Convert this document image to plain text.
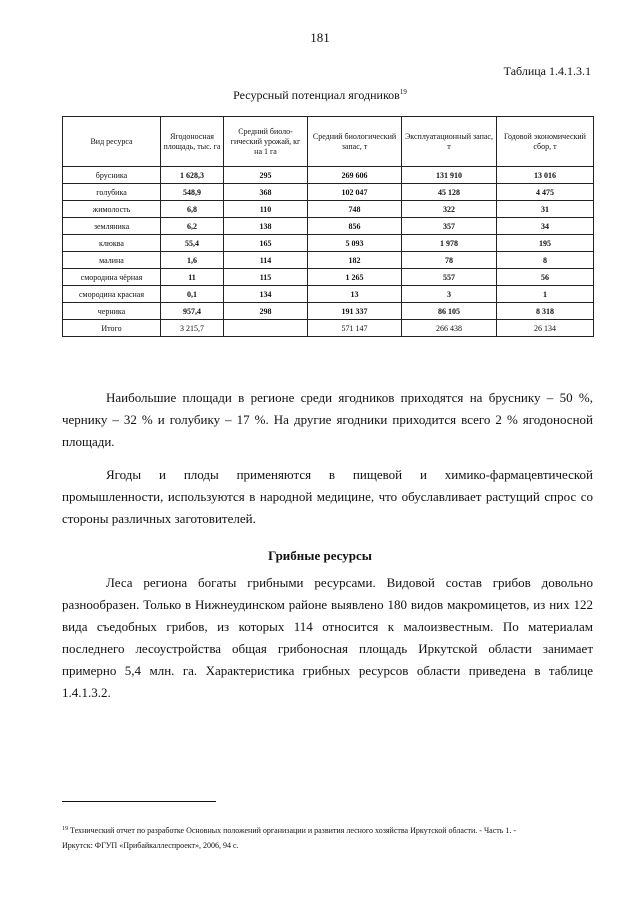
181
Таблица 1.4.1.3.1
Ресурсный потенциал ягодников$^{19}$
Вид ресурса	Ягодоносная площадь, тыс. га	Средний биоло-гический урожай, кг на 1 га	Средний биологический запас, т	Эксплуатационный запас, т	Годовой экономический сбор, т
брусника	1 628,3	295	269 606	131 910	13 016
голубика	548,9	368	102 047	45 128	4 475
жимолость	6,8	110	748	322	31
земляника	6,2	138	856	357	34
клюква	55,4	165	5 093	1 978	195
малина	1,6	114	182	78	8
смородина чёрная	11	115	1 265	557	56
смородина красная	0,1	134	13	3	1
черника	957,4	298	191 337	86 105	8 318
Итого	3 215,7		571 147	266 438	26 134

Наибольшие площади в регионе среди ягодников приходятся на бруснику – 50 %,
чернику – 32 % и голубику – 17 %. На другие ягодники приходится всего 2 % ягодоносной
площади.

Ягоды и плоды применяются в пищевой и химико-фармацевтической
промышленности, используются в народной медицине, что обуславливает растущий спрос со
стороны различных заготовителей.

Грибные ресурсы

Леса региона богаты грибными ресурсами. Видовой состав грибов довольно
разнообразен. Только в Нижнеудинском районе выявлено 180 видов макромицетов, из них 122
вида съедобных грибов, из которых 114 относится к малоизвестным. По материалам
последнего лесоустройства общая грибоносная площадь Иркутской области занимает
примерно 5,4 млн. га. Характеристика грибных ресурсов области приведена в таблице
1.4.1.3.2.

$^{19}$ Технический отчет по разработке Основных положений организации и развития лесного хозяйства Иркутской области. - Часть 1. -
Иркутск: ФГУП «Прибайкаллеспроект», 2006, 94 с.
